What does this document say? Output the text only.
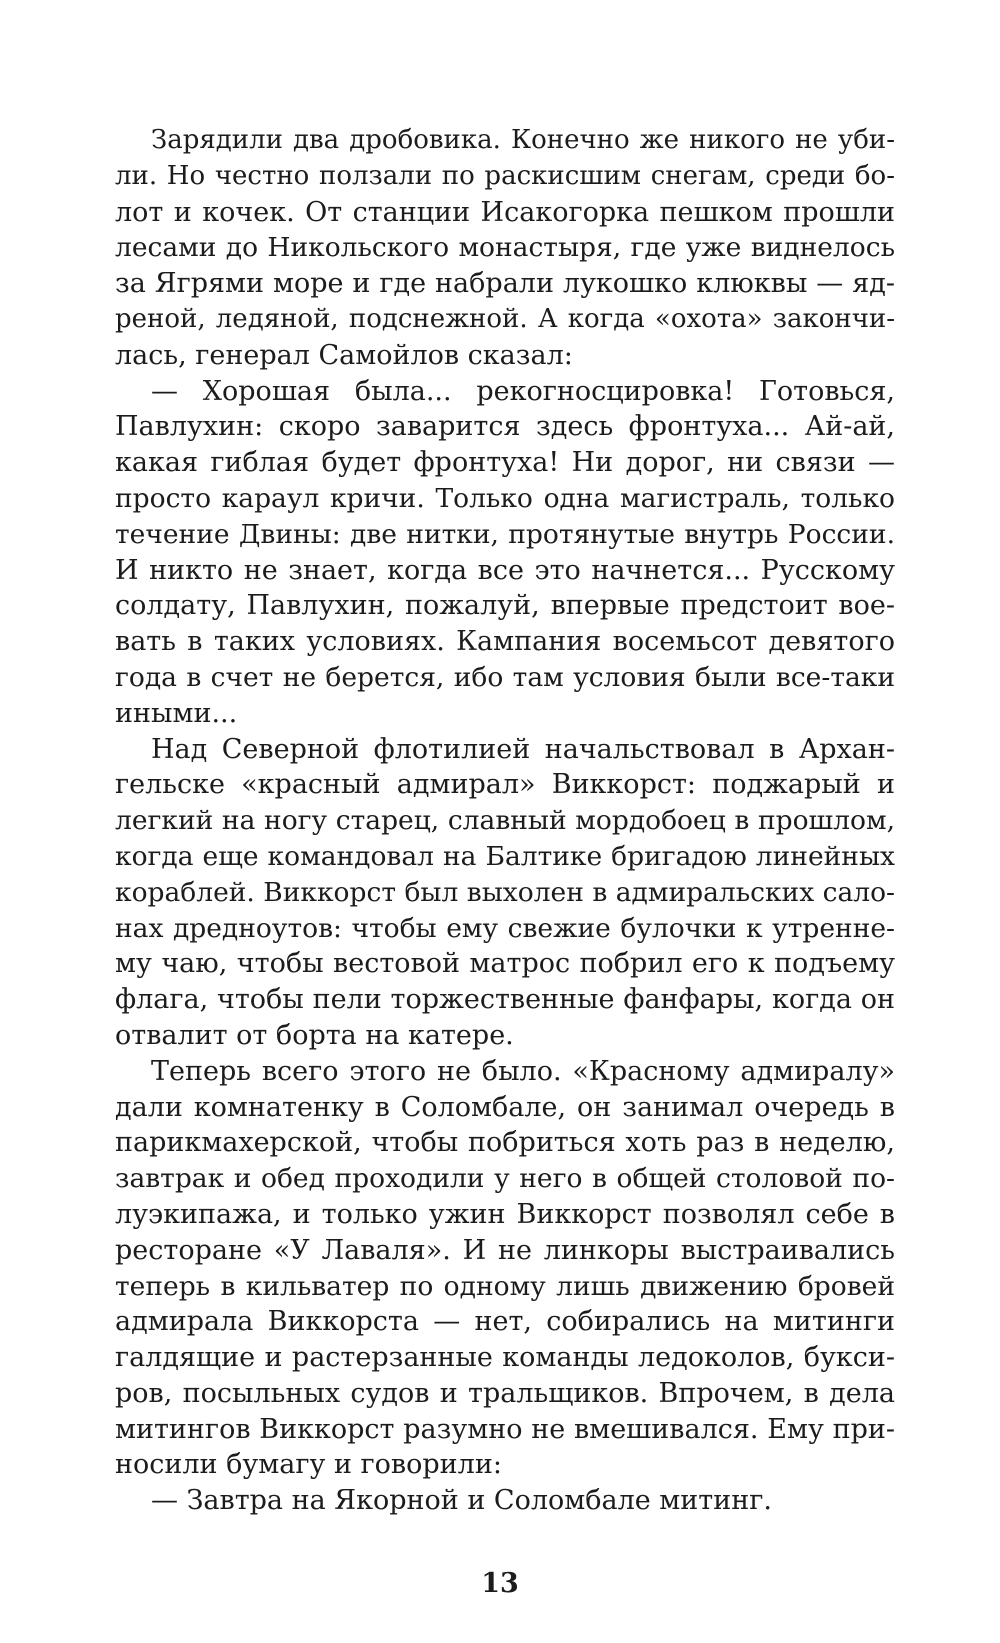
Зарядили два дробовика. Конечно же никого не уби-
ли. Но честно ползали по раскисшим снегам, среди бо-
лот и кочек. От станции Исакогорка пешком прошли
лесами до Никольского монастыря, где уже виднелось
за Ягрями море и где набрали лукошко клюквы — яд-
реной, ледяной, подснежной. А когда «охота» закончи-
лась, генерал Самойлов сказал:
— Хорошая была... рекогносцировка! Готовься,
Павлухин: скоро заварится здесь фронтуха... Ай-ай,
какая гиблая будет фронтуха! Ни дорог, ни связи —
просто караул кричи. Только одна магистраль, только
течение Двины: две нитки, протянутые внутрь России.
И никто не знает, когда все это начнется... Русскому
солдату, Павлухин, пожалуй, впервые предстоит вое-
вать в таких условиях. Кампания восемьсот девятого
года в счет не берется, ибо там условия были все-таки
иными...
Над Северной флотилией начальствовал в Архан-
гельске «красный адмирал» Виккорст: поджарый и
легкий на ногу старец, славный мордобоец в прошлом,
когда еще командовал на Балтике бригадою линейных
кораблей. Виккорст был выхолен в адмиральских сало-
нах дредноутов: чтобы ему свежие булочки к утренне-
му чаю, чтобы вестовой матрос побрил его к подъему
флага, чтобы пели торжественные фанфары, когда он
отвалит от борта на катере.
Теперь всего этого не было. «Красному адмиралу»
дали комнатенку в Соломбале, он занимал очередь в
парикмахерской, чтобы побриться хоть раз в неделю,
завтрак и обед проходили у него в общей столовой по-
луэкипажа, и только ужин Виккорст позволял себе в
ресторане «У Лаваля». И не линкоры выстраивались
теперь в кильватер по одному лишь движению бровей
адмирала Виккорста — нет, собирались на митинги
галдящие и растерзанные команды ледоколов, букси-
ров, посыльных судов и тральщиков. Впрочем, в дела
митингов Виккорст разумно не вмешивался. Ему при-
носили бумагу и говорили:
— Завтра на Якорной и Соломбале митинг.
13
